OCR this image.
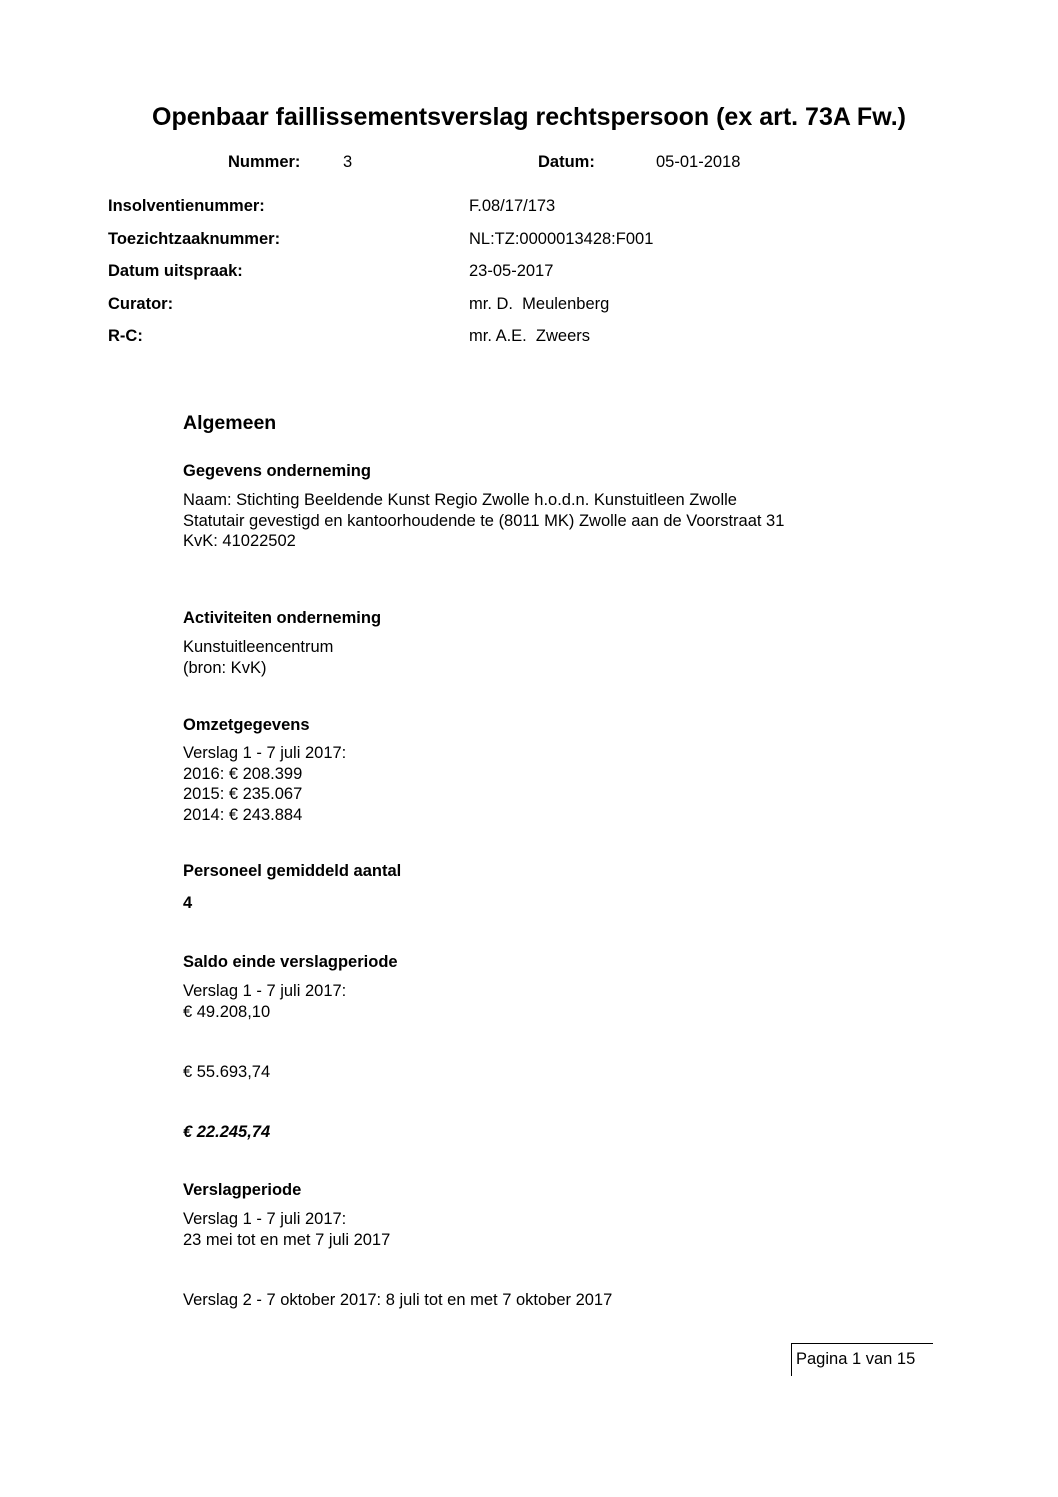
Openbaar faillissementsverslag rechtspersoon (ex art. 73A Fw.)
Nummer:	3	Datum:	05-01-2018
Insolventienummer:	F.08/17/173
Toezichtzaaknummer:	NL:TZ:0000013428:F001
Datum uitspraak:	23-05-2017
Curator:	mr. D.  Meulenberg
R-C:	mr. A.E.  Zweers
Algemeen
Gegevens onderneming
Naam: Stichting Beeldende Kunst Regio Zwolle h.o.d.n. Kunstuitleen Zwolle
Statutair gevestigd en kantoorhoudende te (8011 MK) Zwolle aan de Voorstraat 31
KvK: 41022502
Activiteiten onderneming
Kunstuitleencentrum
(bron: KvK)
Omzetgegevens
Verslag 1 - 7 juli 2017:
2016: € 208.399
2015: € 235.067
2014: € 243.884
Personeel gemiddeld aantal
4
Saldo einde verslagperiode
Verslag 1 - 7 juli 2017:
€ 49.208,10
€ 55.693,74
€ 22.245,74
Verslagperiode
Verslag 1 - 7 juli 2017:
23 mei tot en met 7 juli 2017
Verslag 2 - 7 oktober 2017: 8 juli tot en met 7 oktober 2017
Pagina 1 van 15
